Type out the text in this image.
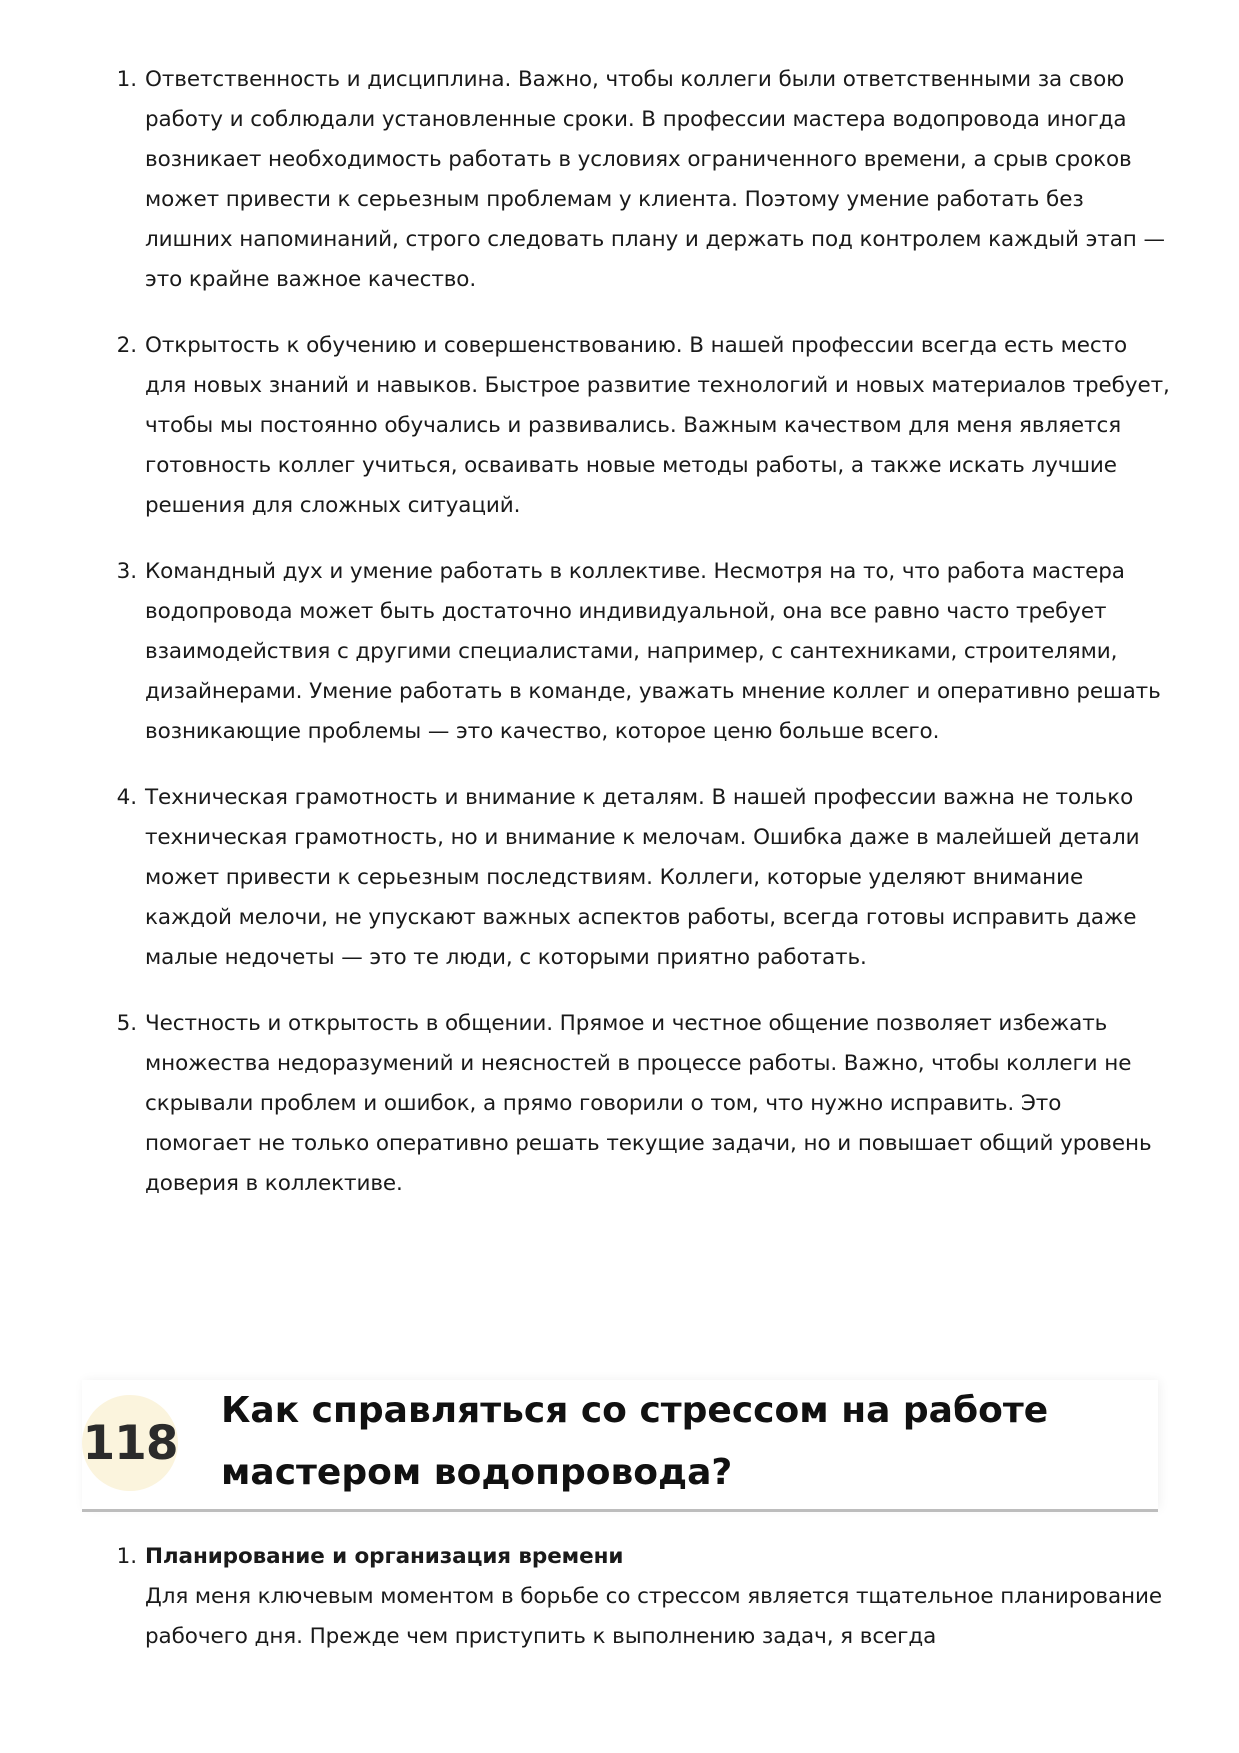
1. Ответственность и дисциплина. Важно, чтобы коллеги были ответственными за свою работу и соблюдали установленные сроки. В профессии мастера водопровода иногда возникает необходимость работать в условиях ограниченного времени, а срыв сроков может привести к серьезным проблемам у клиента. Поэтому умение работать без лишних напоминаний, строго следовать плану и держать под контролем каждый этап — это крайне важное качество.
2. Открытость к обучению и совершенствованию. В нашей профессии всегда есть место для новых знаний и навыков. Быстрое развитие технологий и новых материалов требует, чтобы мы постоянно обучались и развивались. Важным качеством для меня является готовность коллег учиться, осваивать новые методы работы, а также искать лучшие решения для сложных ситуаций.
3. Командный дух и умение работать в коллективе. Несмотря на то, что работа мастера водопровода может быть достаточно индивидуальной, она все равно часто требует взаимодействия с другими специалистами, например, с сантехниками, строителями, дизайнерами. Умение работать в команде, уважать мнение коллег и оперативно решать возникающие проблемы — это качество, которое ценю больше всего.
4. Техническая грамотность и внимание к деталям. В нашей профессии важна не только техническая грамотность, но и внимание к мелочам. Ошибка даже в малейшей детали может привести к серьезным последствиям. Коллеги, которые уделяют внимание каждой мелочи, не упускают важных аспектов работы, всегда готовы исправить даже малые недочеты — это те люди, с которыми приятно работать.
5. Честность и открытость в общении. Прямое и честное общение позволяет избежать множества недоразумений и неясностей в процессе работы. Важно, чтобы коллеги не скрывали проблем и ошибок, а прямо говорили о том, что нужно исправить. Это помогает не только оперативно решать текущие задачи, но и повышает общий уровень доверия в коллективе.
118
Как справляться со стрессом на работе мастером водопровода?
1. Планирование и организация времени
Для меня ключевым моментом в борьбе со стрессом является тщательное планирование рабочего дня. Прежде чем приступить к выполнению задач, я всегда
